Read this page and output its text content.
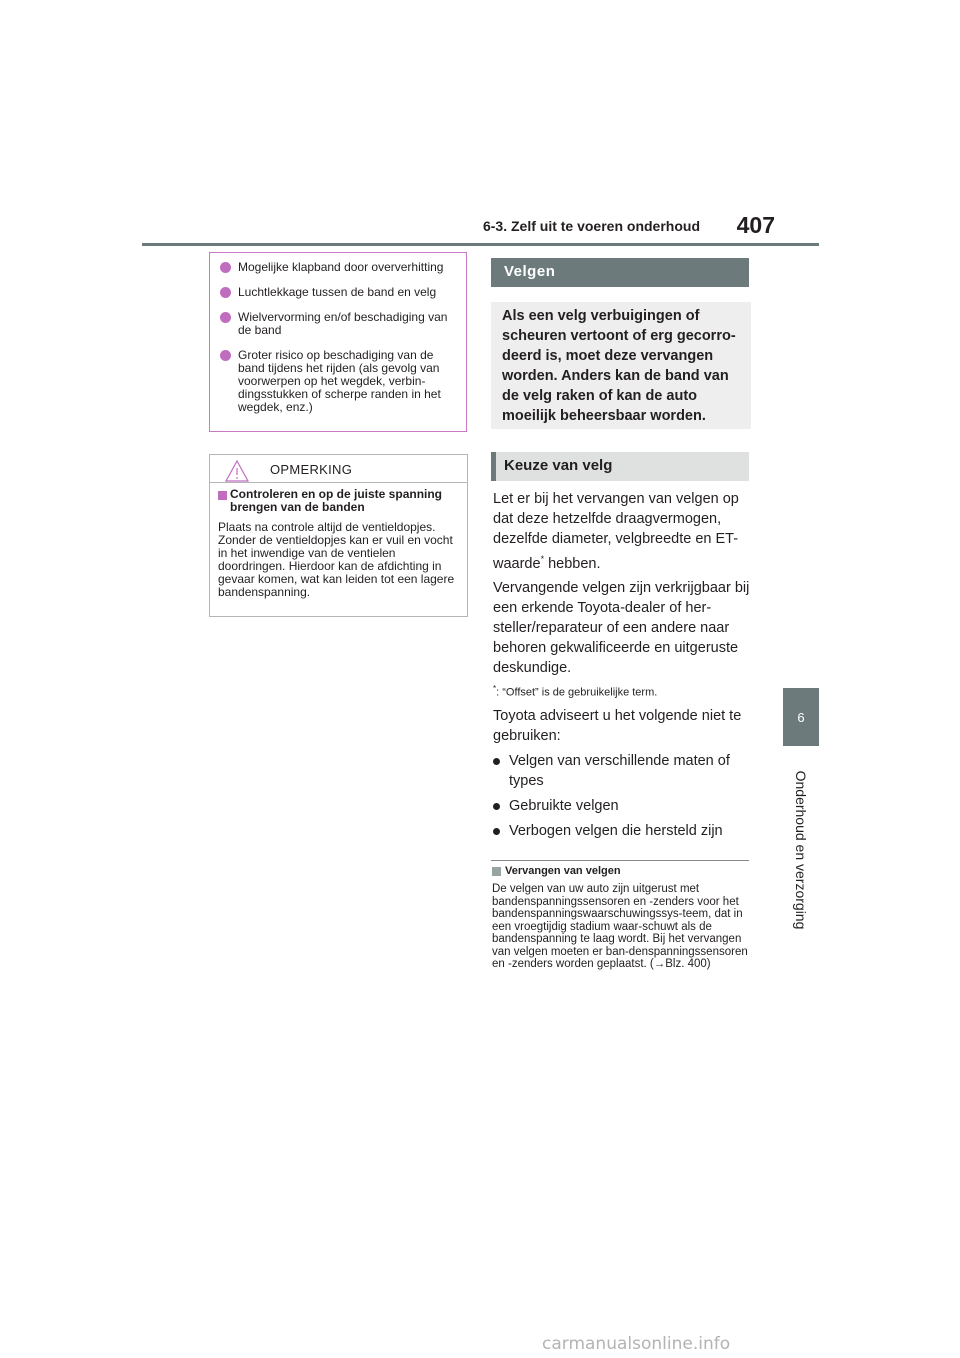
6-3. Zelf uit te voeren onderhoud	407
6
Onderhoud en verzorging
Mogelijke klapband door oververhitting
Luchtlekkage tussen de band en velg
Wielvervorming en/of beschadiging van de band
Groter risico op beschadiging van de band tijdens het rijden (als gevolg van voorwerpen op het wegdek, verbin-dingsstukken of scherpe randen in het wegdek, enz.)
OPMERKING
Controleren en op de juiste spanning brengen van de banden
Plaats na controle altijd de ventieldopjes. Zonder de ventieldopjes kan er vuil en vocht in het inwendige van de ventielen doordringen. Hierdoor kan de afdichting in gevaar komen, wat kan leiden tot een lagere bandenspanning.
Velgen
Als een velg verbuigingen of scheuren vertoont of erg gecorro-deerd is, moet deze vervangen worden. Anders kan de band van de velg raken of kan de auto moeilijk beheersbaar worden.
Keuze van velg
Let er bij het vervangen van velgen op dat deze hetzelfde draagvermogen, dezelfde diameter, velgbreedte en ET-waarde* hebben.
Vervangende velgen zijn verkrijgbaar bij een erkende Toyota-dealer of her-steller/reparateur of een andere naar behoren gekwalificeerde en uitgeruste deskundige.
*: “Offset” is de gebruikelijke term.
Toyota adviseert u het volgende niet te gebruiken:
Velgen van verschillende maten of types
Gebruikte velgen
Verbogen velgen die hersteld zijn
Vervangen van velgen
De velgen van uw auto zijn uitgerust met bandenspanningssensoren en -zenders voor het bandenspanningswaarschuwingssys-teem, dat in een vroegtijdig stadium waar-schuwt als de bandenspanning te laag wordt. Bij het vervangen van velgen moeten er ban-denspanningssensoren en -zenders worden geplaatst. (→Blz. 400)
carmanualsonline.info
